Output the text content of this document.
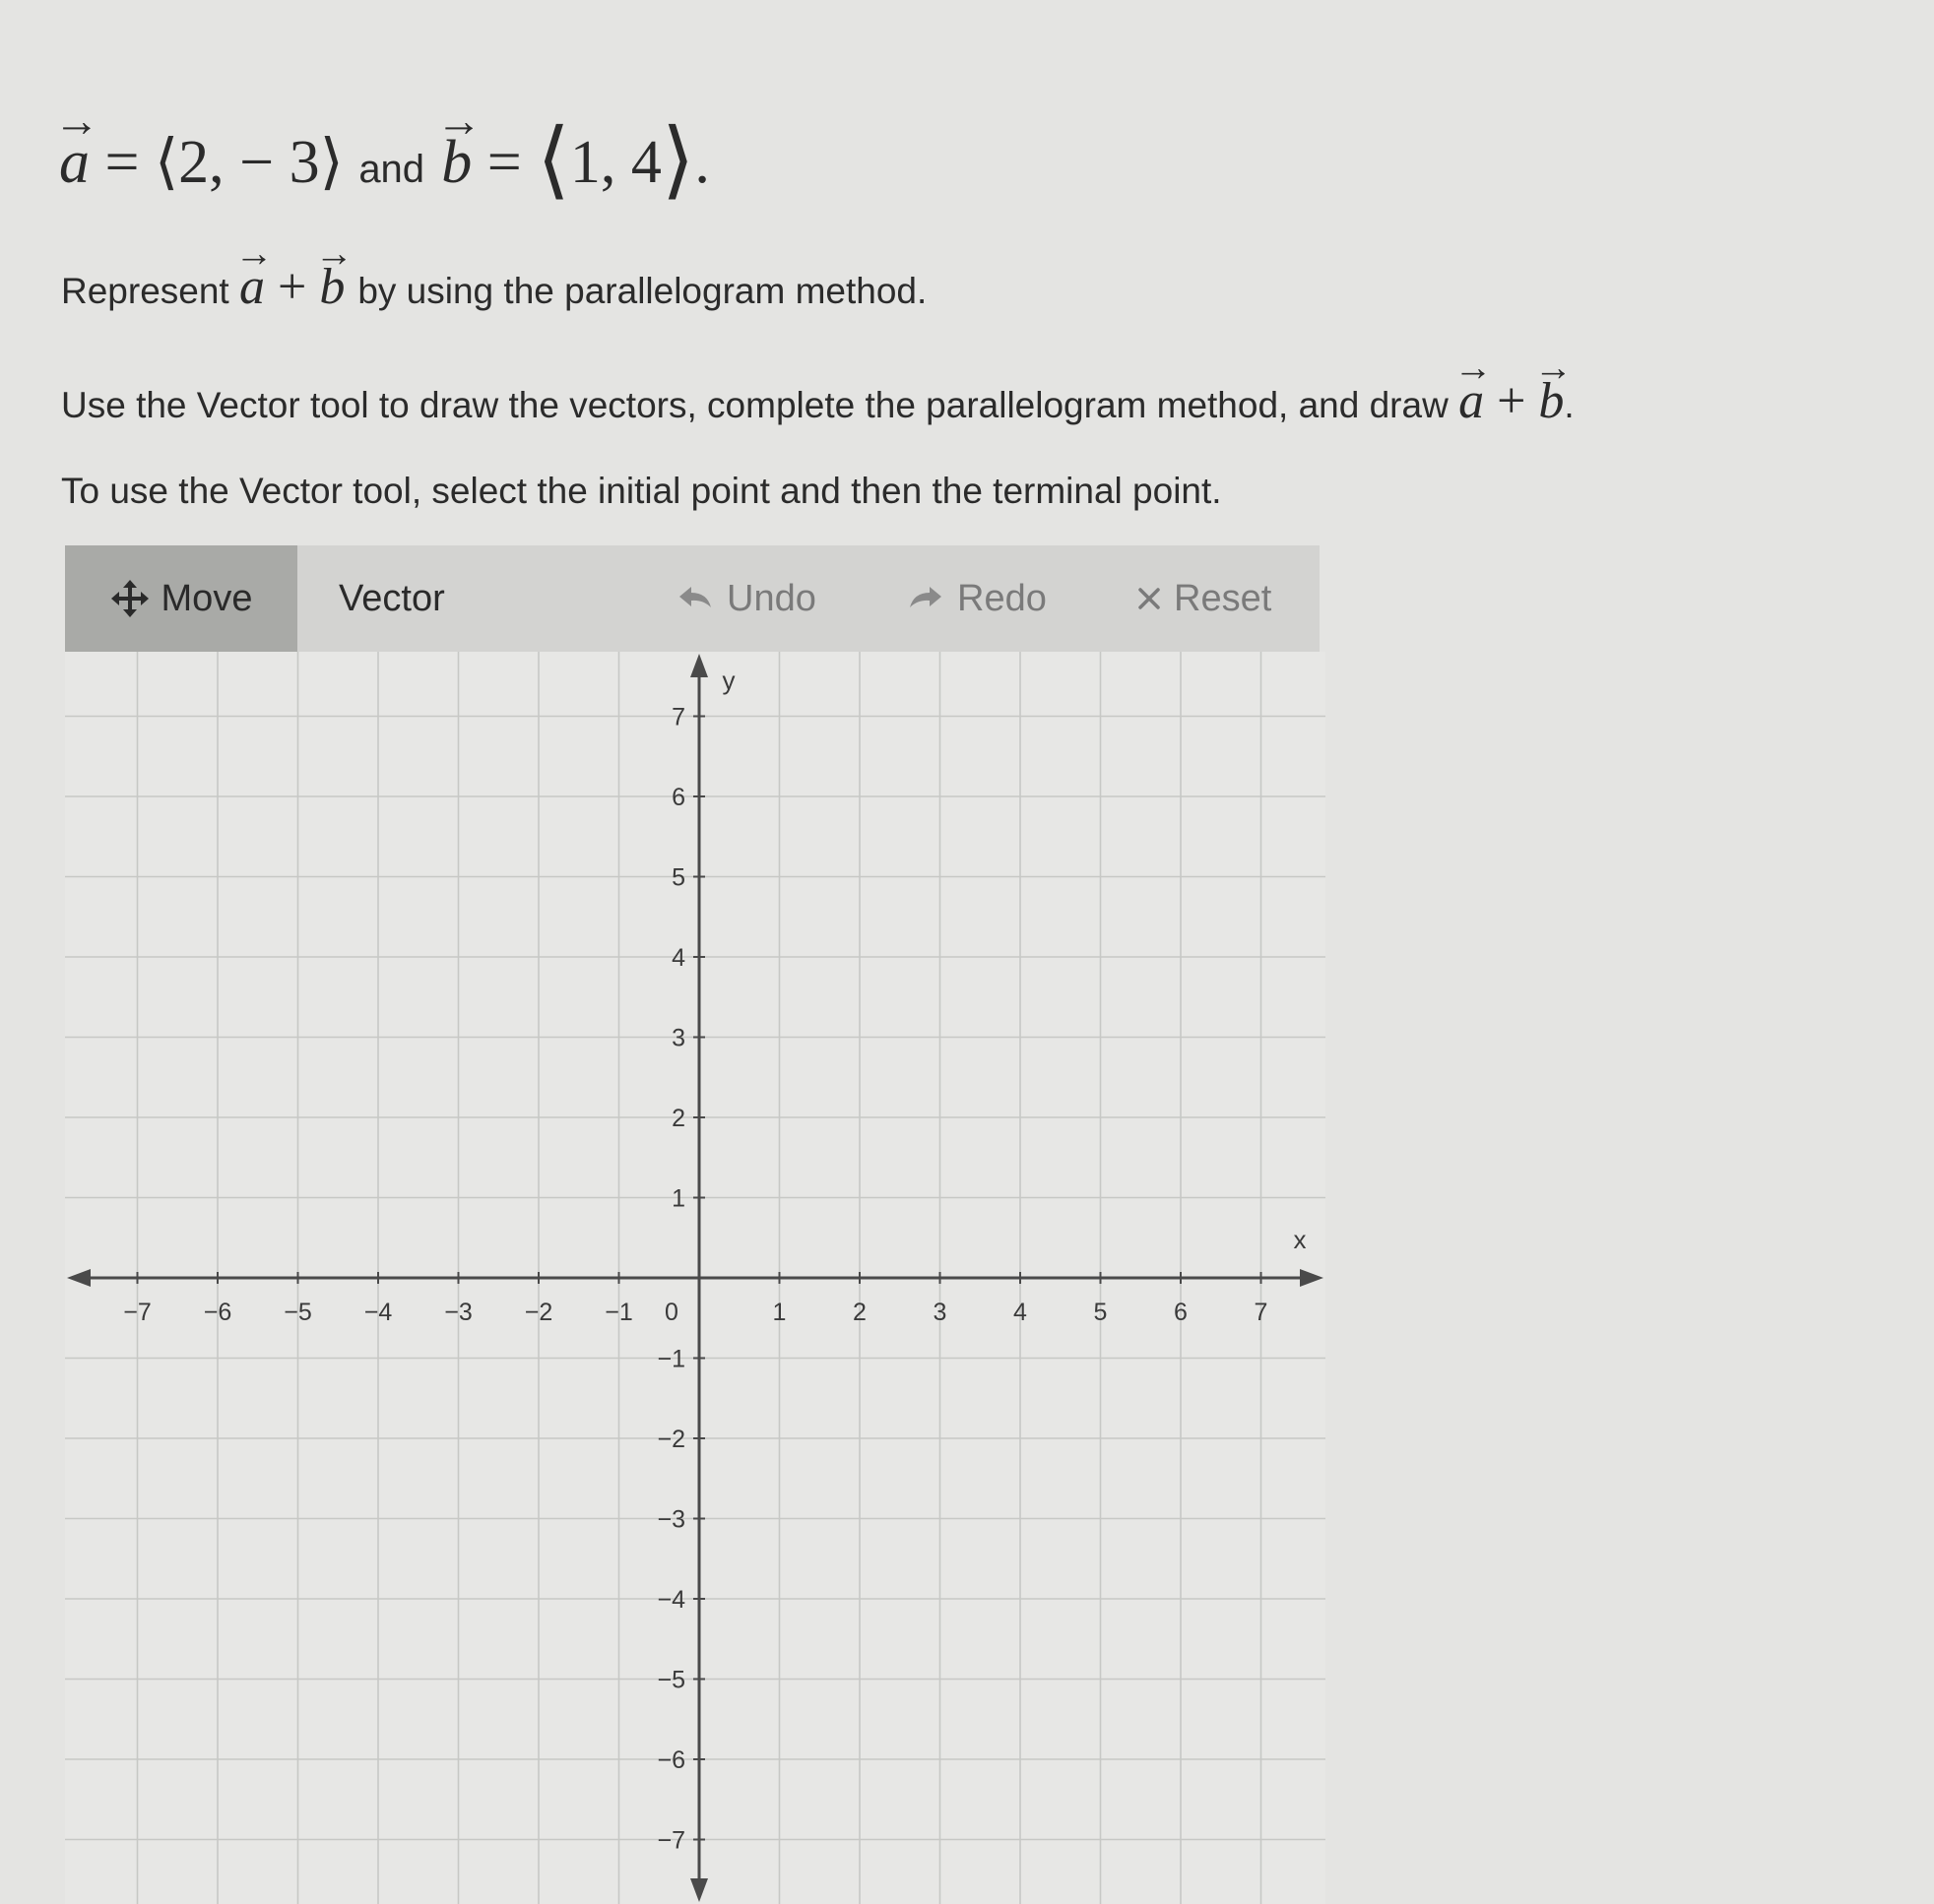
→ a = ⟨2, − 3⟩ and → b = ⟨1, 4⟩.
Represent → a + → b by using the parallelogram method.
Use the Vector tool to draw the vectors, complete the parallelogram method, and draw → a + → b.
To use the Vector tool, select the initial point and then the terminal point.
Move Vector	Undo	Redo	Reset
−7 −6 −5 −4 −3 −2 −1 0	1	2	3	4	5	6	7
−7
−6
−5
−4
−3
−2
−1
1
2
3
4
5
6
7
x
y
